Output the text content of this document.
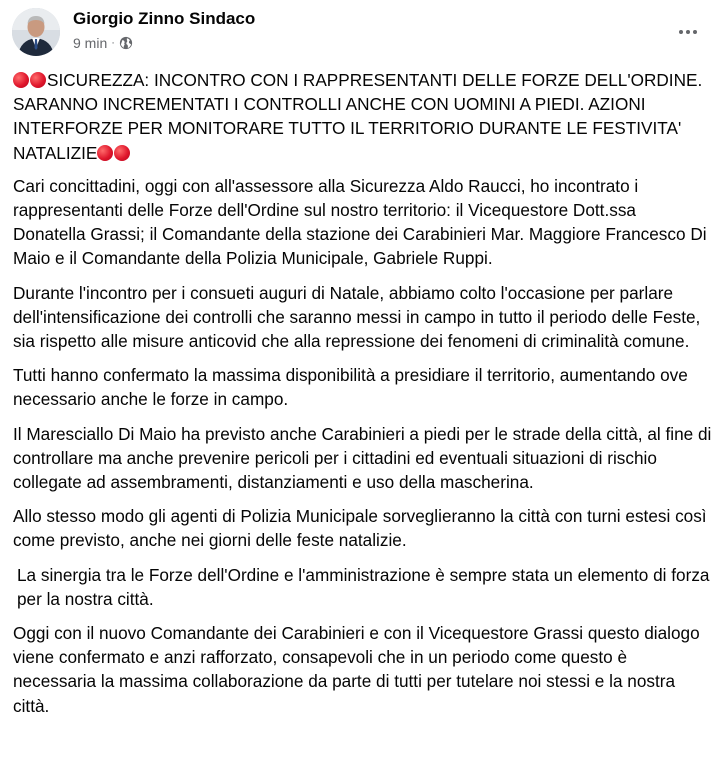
Giorgio Zinno Sindaco
9 min ·

SICUREZZA: INCONTRO CON I RAPPRESENTANTI DELLE FORZE DELL'ORDINE. SARANNO INCREMENTATI I CONTROLLI ANCHE CON UOMINI A PIEDI. AZIONI INTERFORZE PER MONITORARE TUTTO IL TERRITORIO DURANTE LE FESTIVITA' NATALIZIE

Cari concittadini, oggi con all'assessore alla Sicurezza Aldo Raucci, ho incontrato i rappresentanti delle Forze dell'Ordine sul nostro territorio: il Vicequestore Dott.ssa Donatella Grassi; il Comandante della stazione dei Carabinieri Mar. Maggiore Francesco Di Maio e il Comandante della Polizia Municipale, Gabriele Ruppi.

Durante l'incontro per i consueti auguri di Natale, abbiamo colto l'occasione per parlare dell'intensificazione dei controlli che saranno messi in campo in tutto il periodo delle Feste, sia rispetto alle misure anticovid che alla repressione dei fenomeni di criminalità comune.

Tutti hanno confermato la massima disponibilità a presidiare il territorio, aumentando ove necessario anche le forze in campo.

Il Maresciallo Di Maio ha previsto anche Carabinieri a piedi per le strade della città, al fine di controllare ma anche prevenire pericoli per i cittadini ed eventuali situazioni di rischio collegate ad assembramenti, distanziamenti e uso della mascherina.

Allo stesso modo gli agenti di Polizia Municipale sorveglieranno la città con turni estesi così come previsto, anche nei giorni delle feste natalizie.

La sinergia tra le Forze dell'Ordine e l'amministrazione è sempre stata un elemento di forza per la nostra città.

Oggi con il nuovo Comandante dei Carabinieri e con il Vicequestore Grassi questo dialogo viene confermato e anzi rafforzato, consapevoli che in un periodo come questo è necessaria la massima collaborazione da parte di tutti per tutelare noi stessi e la nostra città.
